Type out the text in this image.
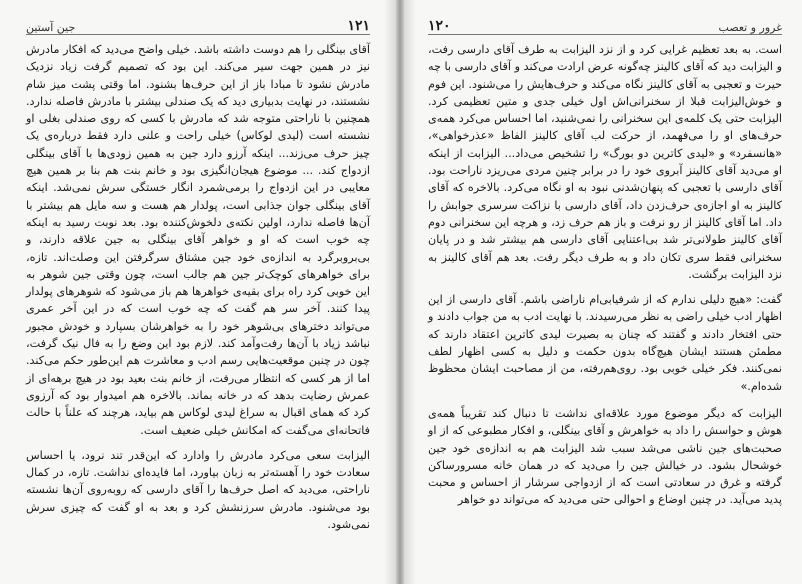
جین آستین	۱۲۱

آقای بینگلی را هم دوست داشته باشد. خیلی واضح می‌دید که افکار مادرش نیز در همین جهت سیر می‌کند. این بود که تصمیم گرفت زیاد نزدیک مادرش نشود تا مبادا باز از این حرف‌ها بشنود. اما وقتی پشت میز شام نشستند، در نهایت بدبیاری دید که یک صندلی بیشتر با مادرش فاصله ندارد. همچنین با ناراحتی متوجه شد که مادرش با کسی که روی صندلی بغلی او نشسته است (لیدی لوکاس) خیلی راحت و علنی دارد فقط درباره‌ی یک چیز حرف می‌زند... اینکه آرزو دارد جین به همین زودی‌ها با آقای بینگلی ازدواج کند. ... موضوع هیجان‌انگیزی بود و خانم بنت هم بنا بر همین هیچ معایبی در این ازدواج را برمی‌شمرد انگار خستگی سرش نمی‌شد. اینکه آقای بینگلی جوان جذابی است، پولدار هم هست و سه مایل هم بیشتر با آن‌ها فاصله ندارد، اولین نکته‌ی دلخوش‌کننده بود. بعد نوبت رسید به اینکه چه خوب است که او و خواهر آقای بینگلی به جین علاقه دارند، و بی‌بروبرگرد به اندازه‌ی خود جین مشتاق سرگرفتن این وصلت‌اند. تازه، برای خواهرهای کوچک‌تر جین هم جالب است، چون وقتی جین شوهر به این خوبی کرد راه برای بقیه‌ی خواهرها هم باز می‌شود که شوهرهای پولدار پیدا کنند. آخر سر هم گفت که چه خوب است که در این آخر عمری می‌تواند دخترهای بی‌شوهر خود را به خواهرشان بسپارد و خودش مجبور نباشد زیاد با آن‌ها رفت‌وآمد کند. لازم بود این وضع را به فال نیک گرفت، چون در چنین موقعیت‌هایی رسم ادب و معاشرت هم این‌طور حکم می‌کند. اما از هر کسی که انتظار می‌رفت، از خانم بنت بعید بود در هیچ برهه‌ای از عمرش رضایت بدهد که در خانه بماند. بالاخره هم امیدوار بود که آرزوی کرد که همای اقبال به سراغ لیدی لوکاس هم بیاید، هرچند که علناً با حالت فاتحانه‌ای می‌گفت که امکانش خیلی ضعیف است.

الیزابت سعی می‌کرد مادرش را وادارد که این‌قدر تند نرود، یا احساس سعادت خود را آهسته‌تر به زبان بیاورد، اما فایده‌ای نداشت. تازه، در کمال ناراحتی، می‌دید که اصل حرف‌ها را آقای دارسی که روبه‌روی آن‌ها نشسته بود می‌شنود. مادرش سرزنشش کرد و بعد به او گفت که چیزی سرش نمی‌شود.

۱۲۰	غرور و تعصب

است. به بعد تعظیم غرایی کرد و از نزد الیزابت به طرف آقای دارسی رفت، و الیزابت دید که آقای کالینز چه‌گونه عرض ارادت می‌کند و آقای دارسی با چه حیرت و تعجبی به آقای کالینز نگاه می‌کند و حرف‌هایش را می‌شنود. این فوم و خوش‌الیزابت قبلا از سخنرانی‌اش اول خیلی جدی و متین تعظیمی کرد. الیزابت حتی یک کلمه‌ی این سخنرانی را نمی‌شنید، اما احساس می‌کرد همه‌ی حرف‌های او را می‌فهمد، از حرکت لب آقای کالینز الفاظ «عذرخواهی»، «هانسفرد» و «لیدی کاترین دو بورگ» را تشخیص می‌داد... الیزابت از اینکه او می‌دید آقای کالینز آبروی خود را در برابر چنین مردی می‌ریزد ناراحت بود. آقای دارسی با تعجبی که پنهان‌شدنی نبود به او نگاه می‌کرد. بالاخره که آقای کالینز به او اجازه‌ی حرف‌زدن داد، آقای دارسی با نزاکت سرسری جوابش را داد. اما آقای کالینز از رو نرفت و باز هم حرف زد، و هرچه این سخنرانی دوم آقای کالینز طولانی‌تر شد بی‌اعتنایی آقای دارسی هم بیشتر شد و در پایان سخنرانی فقط سری تکان داد و به طرف دیگر رفت. بعد هم آقای کالینز به نزد الیزابت برگشت.

گفت: «هیچ دلیلی ندارم که از شرفیابی‌ام ناراضی باشم. آقای دارسی از این اظهار ادب خیلی راضی به نظر می‌رسیدند. با نهایت ادب به من جواب دادند و حتی افتخار دادند و گفتند که چنان به بصیرت لیدی کاترین اعتقاد دارند که مطمئن هستند ایشان هیچ‌گاه بدون حکمت و دلیل به کسی اظهار لطف نمی‌کنند. فکر خیلی خوبی بود. روی‌هم‌رفته، من از مصاحبت ایشان محظوظ شده‌ام.»

الیزابت که دیگر موضوع مورد علاقه‌ای نداشت تا دنبال کند تقریباً همه‌ی هوش و حواسش را داد به خواهرش و آقای بینگلی، و افکار مطبوعی که از او صحبت‌های جین ناشی می‌شد سبب شد الیزابت هم به اندازه‌ی خود جین خوشحال بشود. در خیالش جین را می‌دید که در همان خانه مسرورساکن گرفته و غرق در سعادتی است که از ازدواجی سرشار از احساس و محبت پدید می‌آید. در چنین اوضاع و احوالی حتی می‌دید که می‌تواند دو خواهر
